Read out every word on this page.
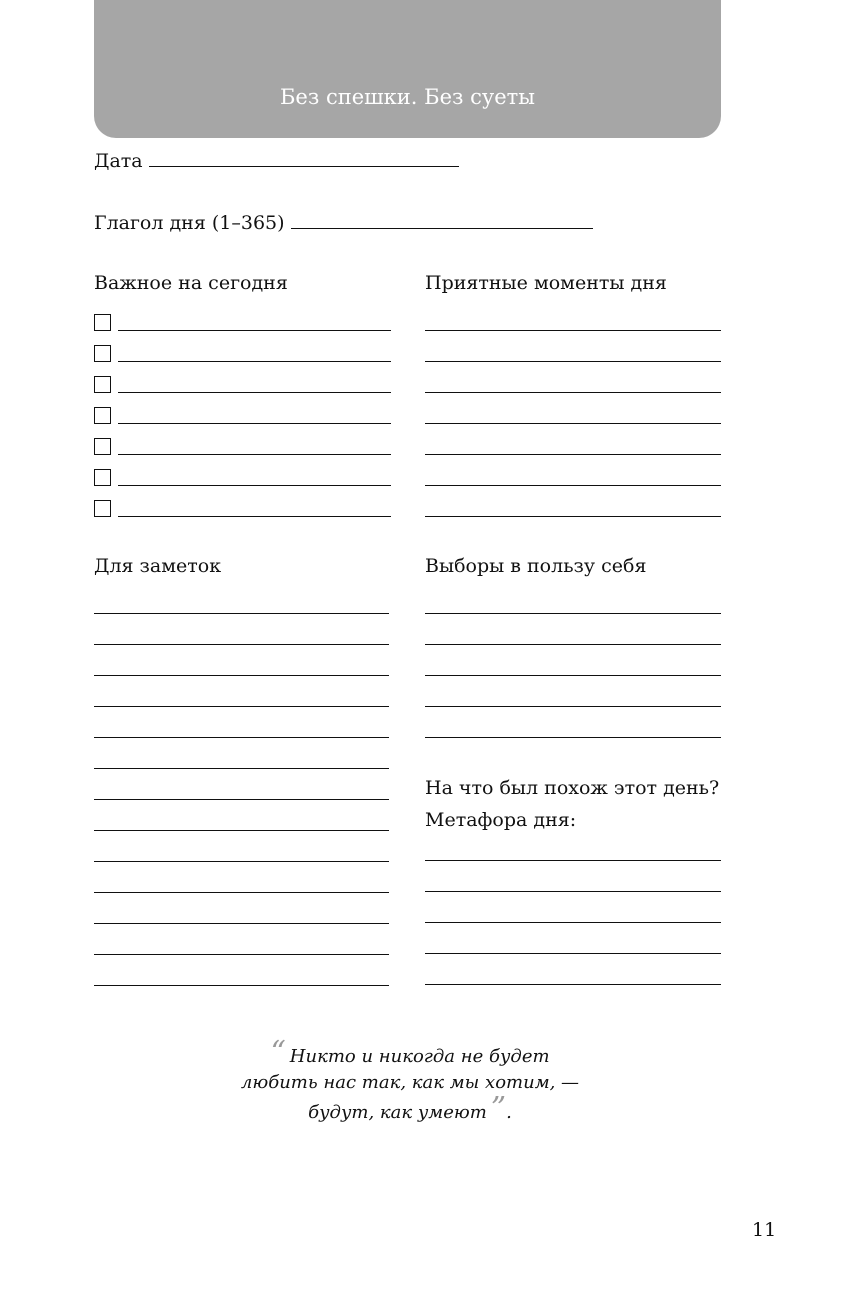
Без спешки. Без суеты
Дата
Глагол дня (1–365)
Важное на сегодня	Приятные моменты дня
Для заметок	Выборы в пользу себя
На что был похож этот день?
Метафора дня:
“ Никто и никогда не будет
любить нас так, как мы хотим, —
будут, как умеют ”.
11
